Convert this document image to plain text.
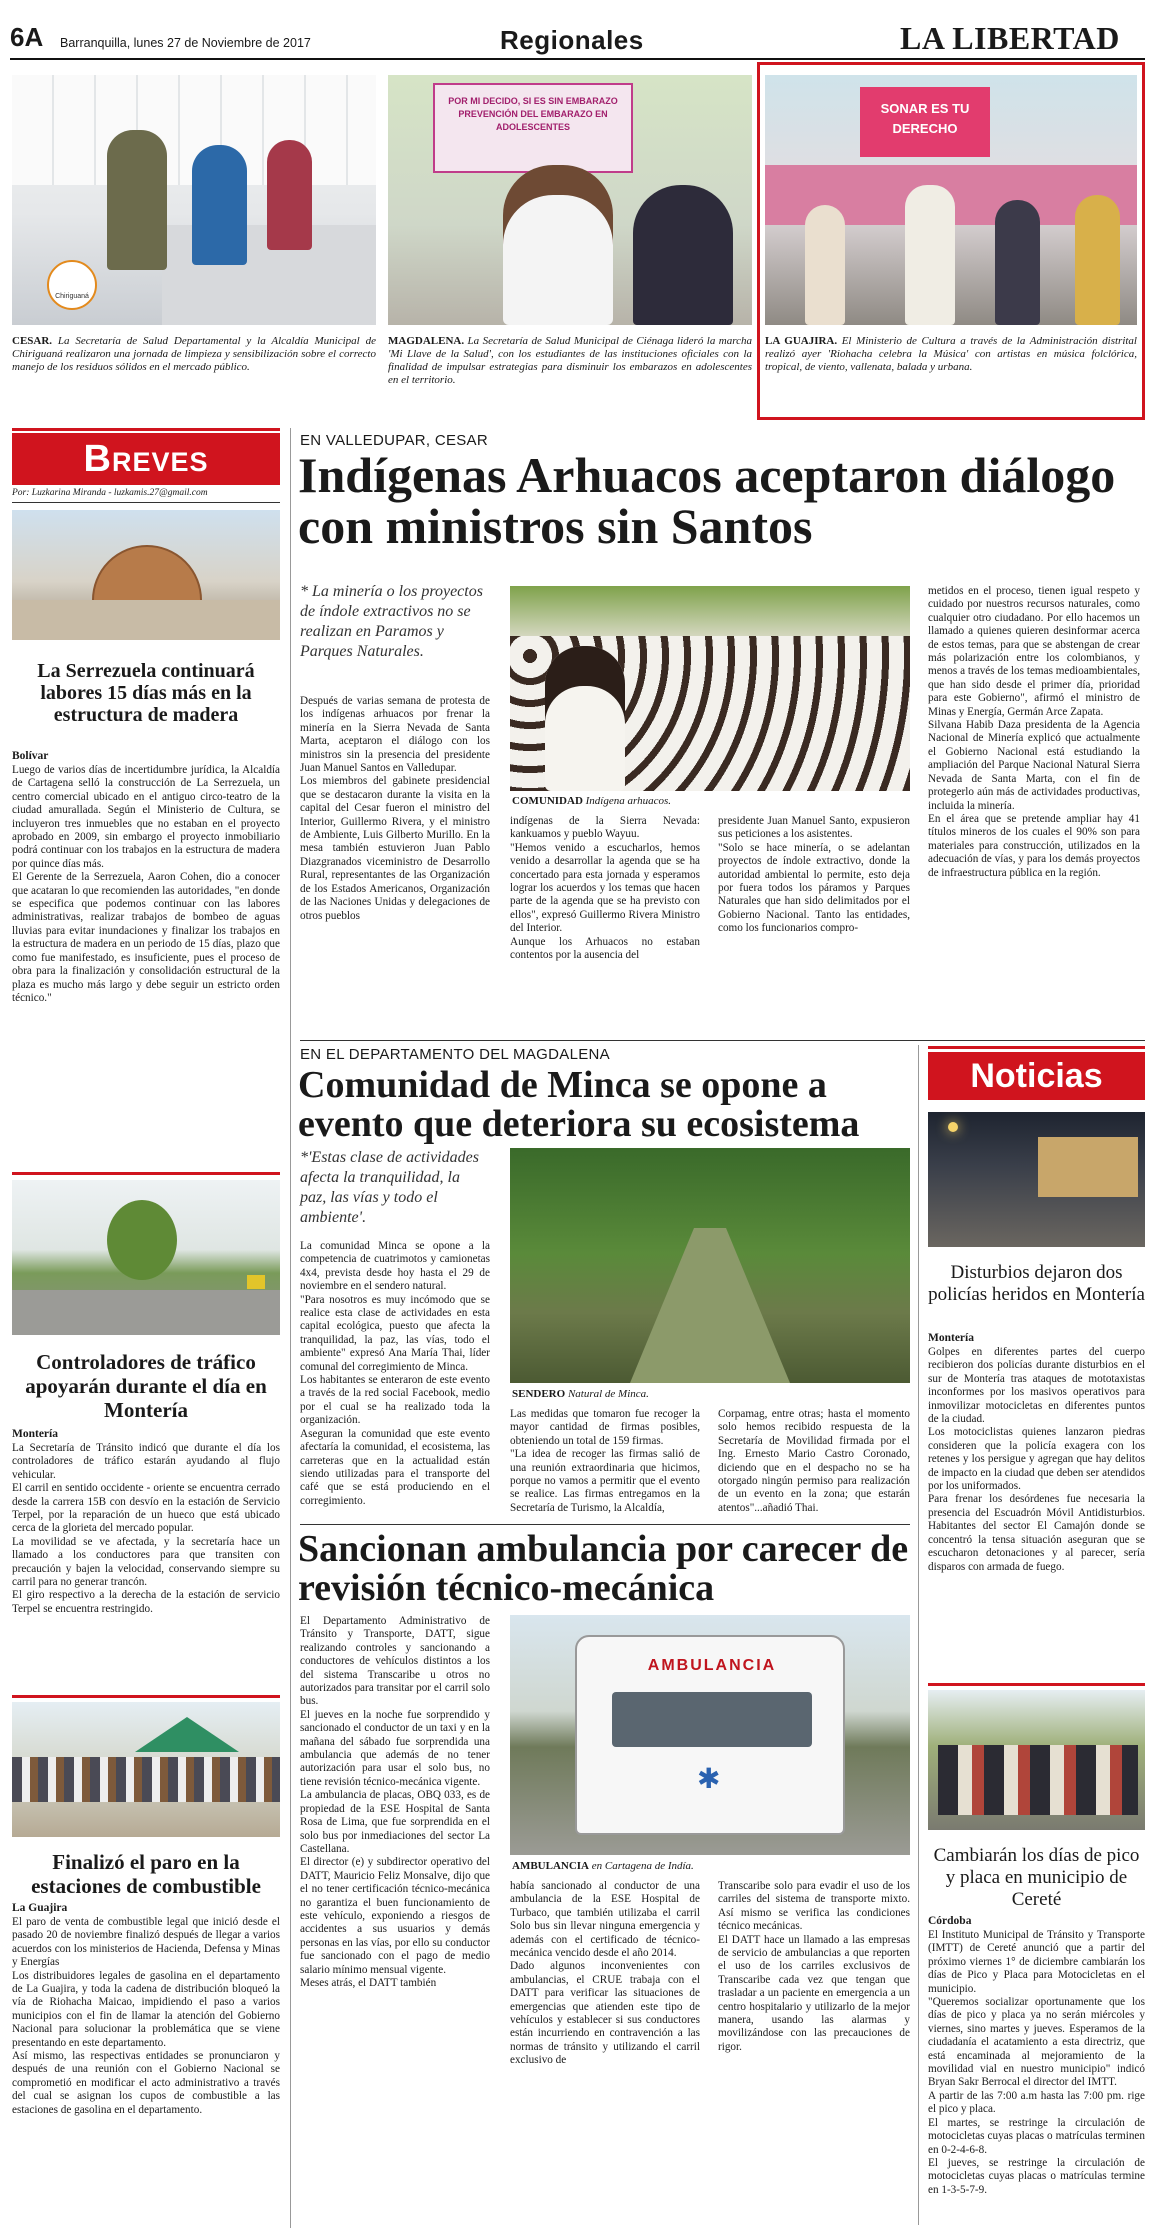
6A Barranquilla, lunes 27 de Noviembre de 2017	Regionales	LA LIBERTAD
Chiriguaná
POR MI DECIDO, SI ES SIN EMBARAZO PREVENCIÓN DEL EMBARAZO EN ADOLESCENTES
SONAR ES TU DERECHO
CESAR. La Secretaría de Salud Departamental y la Alcaldía Municipal de Chiriguaná realizaron una jornada de limpieza y sensibilización sobre el correcto manejo de los residuos sólidos en el mercado público.
MAGDALENA. La Secretaría de Salud Municipal de Ciénaga lideró la marcha 'Mi Llave de la Salud', con los estudiantes de las instituciones oficiales con la finalidad de impulsar estrategias para disminuir los embarazos en adolescentes en el territorio.
LA GUAJIRA. El Ministerio de Cultura a través de la Administración distrital realizó ayer 'Riohacha celebra la Música' con artistas en música folclórica, tropical, de viento, vallenata, balada y urbana.
Breves
Por: Luzkarina Miranda - luzkamis.27@gmail.com
La Serrezuela continuará labores 15 días más en la estructura de madera
Bolívar
Luego de varios días de incertidumbre jurídica, la Alcaldía de Cartagena selló la construcción de La Serrezuela, un centro comercial ubicado en el antiguo circo-teatro de la ciudad amurallada. Según el Ministerio de Cultura, se incluyeron tres inmuebles que no estaban en el proyecto aprobado en 2009, sin embargo el proyecto inmobiliario podrá continuar con los trabajos en la estructura de madera por quince días más.
El Gerente de la Serrezuela, Aaron Cohen, dio a conocer que acataran lo que recomienden las autoridades, "en donde se especifica que podemos continuar con las labores administrativas, realizar trabajos de bombeo de aguas lluvias para evitar inundaciones y finalizar los trabajos en la estructura de madera en un periodo de 15 días, plazo que como fue manifestado, es insuficiente, pues el proceso de obra para la finalización y consolidación estructural de la plaza es mucho más largo y debe seguir un estricto orden técnico."
Controladores de tráfico apoyarán durante el día en Montería
Montería
La Secretaría de Tránsito indicó que durante el día los controladores de tráfico estarán ayudando al flujo vehicular.
El carril en sentido occidente - oriente se encuentra cerrado desde la carrera 15B con desvío en la estación de Servicio Terpel, por la reparación de un hueco que está ubicado cerca de la glorieta del mercado popular.
La movilidad se ve afectada, y la secretaría hace un llamado a los conductores para que transiten con precaución y bajen la velocidad, conservando siempre su carril para no generar trancón.
El giro respectivo a la derecha de la estación de servicio Terpel se encuentra restringido.
Finalizó el paro en la estaciones de combustible
La Guajira
El paro de venta de combustible legal que inició desde el pasado 20 de noviembre finalizó después de llegar a varios acuerdos con los ministerios de Hacienda, Defensa y Minas y Energías
Los distribuidores legales de gasolina en el departamento de La Guajira, y toda la cadena de distribución bloqueó la vía de Riohacha Maicao, impidiendo el paso a varios municipios con el fin de llamar la atención del Gobierno Nacional para solucionar la problemática que se viene presentando en este departamento.
Así mismo, las respectivas entidades se pronunciaron y después de una reunión con el Gobierno Nacional se comprometió en modificar el acto administrativo a través del cual se asignan los cupos de combustible a las estaciones de gasolina en el departamento.
EN VALLEDUPAR, CESAR
Indígenas Arhuacos aceptaron diálogo con ministros sin Santos
* La minería o los proyectos de índole extractivos no se realizan en Paramos y Parques Naturales.
Después de varias semana de protesta de los indígenas arhuacos por frenar la minería en la Sierra Nevada de Santa Marta, aceptaron el diálogo con los ministros sin la presencia del presidente Juan Manuel Santos en Valledupar.
Los miembros del gabinete presidencial que se destacaron durante la visita en la capital del Cesar fueron el ministro del Interior, Guillermo Rivera, y el ministro de Ambiente, Luis Gilberto Murillo. En la mesa también estuvieron Juan Pablo Diazgranados viceministro de Desarrollo Rural, representantes de las Organización de los Estados Americanos, Organización de las Naciones Unidas y delegaciones de otros pueblos
COMUNIDAD Indígena arhuacos.
indígenas de la Sierra Nevada: kankuamos y pueblo Wayuu.
"Hemos venido a escucharlos, hemos venido a desarrollar la agenda que se ha concertado para esta jornada y esperamos lograr los acuerdos y los temas que hacen parte de la agenda que se ha previsto con ellos", expresó Guillermo Rivera Ministro del Interior.
Aunque los Arhuacos no estaban contentos por la ausencia del
presidente Juan Manuel Santo, expusieron sus peticiones a los asistentes.
"Solo se hace minería, o se adelantan proyectos de índole extractivo, donde la autoridad ambiental lo permite, esto deja por fuera todos los páramos y Parques Naturales que han sido delimitados por el Gobierno Nacional. Tanto las entidades, como los funcionarios compro-
metidos en el proceso, tienen igual respeto y cuidado por nuestros recursos naturales, como cualquier otro ciudadano. Por ello hacemos un llamado a quienes quieren desinformar acerca de estos temas, para que se abstengan de crear más polarización entre los colombianos, y menos a través de los temas medioambientales, que han sido desde el primer día, prioridad para este Gobierno", afirmó el ministro de Minas y Energía, Germán Arce Zapata.
Silvana Habib Daza presidenta de la Agencia Nacional de Minería explicó que actualmente el Gobierno Nacional está estudiando la ampliación del Parque Nacional Natural Sierra Nevada de Santa Marta, con el fin de protegerlo aún más de actividades productivas, incluida la minería.
En el área que se pretende ampliar hay 41 títulos mineros de los cuales el 90% son para materiales para construcción, utilizados en la adecuación de vías, y para los demás proyectos de infraestructura pública en la región.
EN EL DEPARTAMENTO DEL MAGDALENA
Comunidad de Minca se opone a evento que deteriora su ecosistema
*'Estas clase de actividades afecta la tranquilidad, la paz, las vías y todo el ambiente'.
La comunidad Minca se opone a la competencia de cuatrimotos y camionetas 4x4, prevista desde hoy hasta el 29 de noviembre en el sendero natural.
"Para nosotros es muy incómodo que se realice esta clase de actividades en esta capital ecológica, puesto que afecta la tranquilidad, la paz, las vías, todo el ambiente" expresó Ana María Thai, líder comunal del corregimiento de Minca.
Los habitantes se enteraron de este evento a través de la red social Facebook, medio por el cual se ha realizado toda la organización.
Aseguran la comunidad que este evento afectaría la comunidad, el ecosistema, las carreteras que en la actualidad están siendo utilizadas para el transporte del café que se está produciendo en el corregimiento.
SENDERO Natural de Minca.
Las medidas que tomaron fue recoger la mayor cantidad de firmas posibles, obteniendo un total de 159 firmas.
"La idea de recoger las firmas salió de una reunión extraordinaria que hicimos, porque no vamos a permitir que el evento se realice. Las firmas entregamos en la Secretaría de Turismo, la Alcaldía,
Corpamag, entre otras; hasta el momento solo hemos recibido respuesta de la Secretaría de Movilidad firmada por el Ing. Ernesto Mario Castro Coronado, diciendo que en el despacho no se ha otorgado ningún permiso para realización de un evento en la zona; que estarán atentos"...añadió Thai.
Sancionan ambulancia por carecer de revisión técnico-mecánica
El Departamento Administrativo de Tránsito y Transporte, DATT, sigue realizando controles y sancionando a conductores de vehículos distintos a los del sistema Transcaribe u otros no autorizados para transitar por el carril solo bus.
El jueves en la noche fue sorprendido y sancionado el conductor de un taxi y en la mañana del sábado fue sorprendida una ambulancia que además de no tener autorización para usar el solo bus, no tiene revisión técnico-mecánica vigente.
La ambulancia de placas, OBQ 033, es de propiedad de la ESE Hospital de Santa Rosa de Lima, que fue sorprendida en el solo bus por inmediaciones del sector La Castellana.
El director (e) y subdirector operativo del DATT, Mauricio Feliz Monsalve, dijo que el no tener certificación técnico-mecánica no garantiza el buen funcionamiento de este vehículo, exponiendo a riesgos de accidentes a sus usuarios y demás personas en las vías, por ello su conductor fue sancionado con el pago de medio salario mínimo mensual vigente.
Meses atrás, el DATT también
AMBULANCIA
✱
AMBULANCIA en Cartagena de Indía.
había sancionado al conductor de una ambulancia de la ESE Hospital de Turbaco, que también utilizaba el carril Solo bus sin llevar ninguna emergencia y además con el certificado de técnico-mecánica vencido desde el año 2014.
Dado algunos inconvenientes con ambulancias, el CRUE trabaja con el DATT para verificar las situaciones de emergencias que atienden este tipo de vehículos y establecer si sus conductores están incurriendo en contravención a las normas de tránsito y utilizando el carril exclusivo de
Transcaribe solo para evadir el uso de los carriles del sistema de transporte mixto. Así mismo se verifica las condiciones técnico mecánicas.
El DATT hace un llamado a las empresas de servicio de ambulancias a que reporten el uso de los carriles exclusivos de Transcaribe cada vez que tengan que trasladar a un paciente en emergencia a un centro hospitalario y utilizarlo de la mejor manera, usando las alarmas y movilizándose con las precauciones de rigor.
Noticias
Disturbios dejaron dos policías heridos en Montería
Montería
Golpes en diferentes partes del cuerpo recibieron dos policías durante disturbios en el sur de Montería tras ataques de mototaxistas inconformes por los masivos operativos para inmovilizar motocicletas en diferentes puntos de la ciudad.
Los motociclistas quienes lanzaron piedras consideren que la policía exagera con los retenes y los persigue y agregan que hay delitos de impacto en la ciudad que deben ser atendidos por los uniformados.
Para frenar los desórdenes fue necesaria la presencia del Escuadrón Móvil Antidisturbios. Habitantes del sector El Camajón donde se concentró la tensa situación aseguran que se escucharon detonaciones y al parecer, sería disparos con armada de fuego.
Cambiarán los días de pico y placa en municipio de Cereté
Córdoba
El Instituto Municipal de Tránsito y Transporte (IMTT) de Cereté anunció que a partir del próximo viernes 1° de diciembre cambiarán los días de Pico y Placa para Motocicletas en el municipio.
"Queremos socializar oportunamente que los días de pico y placa ya no serán miércoles y viernes, sino martes y jueves. Esperamos de la ciudadanía el acatamiento a esta directriz, que está encaminada al mejoramiento de la movilidad vial en nuestro municipio" indicó Bryan Sakr Berrocal el director del IMTT.
A partir de las 7:00 a.m hasta las 7:00 pm. rige el pico y placa.
El martes, se restringe la circulación de motocicletas cuyas placas o matrículas terminen en 0-2-4-6-8.
El jueves, se restringe la circulación de motocicletas cuyas placas o matrículas termine en 1-3-5-7-9.
